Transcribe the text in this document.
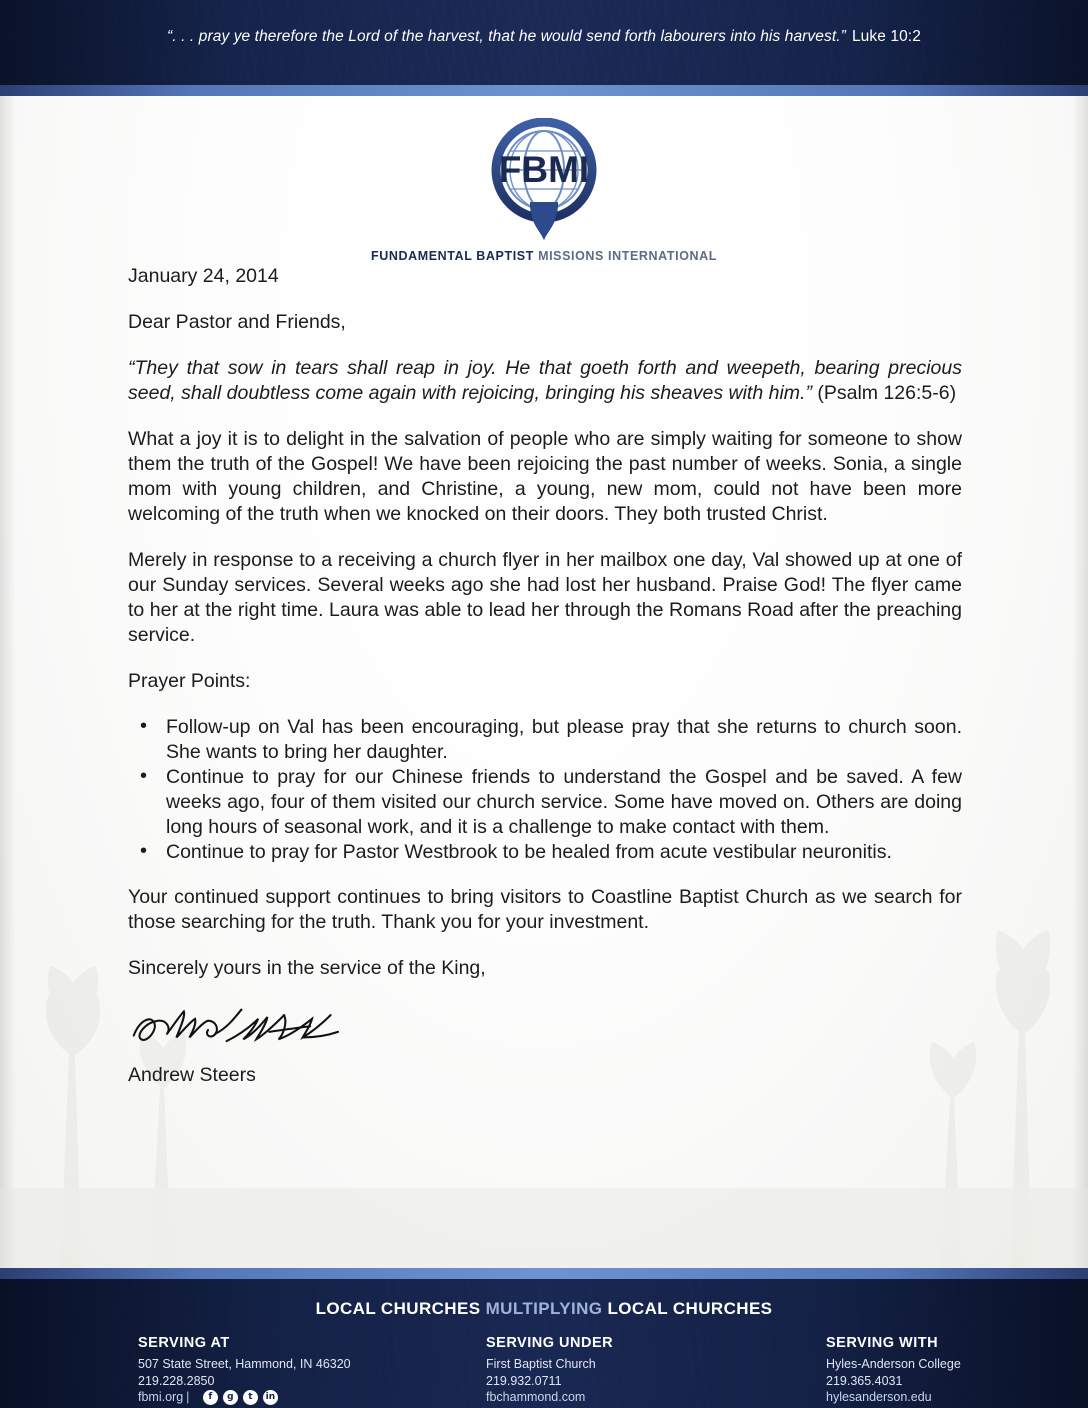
“. . . pray ye therefore the Lord of the harvest, that he would send forth labourers into his harvest.” Luke 10:2
FBMI
FUNDAMENTAL BAPTIST MISSIONS INTERNATIONAL

January 24, 2014

Dear Pastor and Friends,

“They that sow in tears shall reap in joy. He that goeth forth and weepeth, bearing precious seed, shall doubtless come again with rejoicing, bringing his sheaves with him.” (Psalm 126:5-6)

What a joy it is to delight in the salvation of people who are simply waiting for someone to show them the truth of the Gospel! We have been rejoicing the past number of weeks. Sonia, a single mom with young children, and Christine, a young, new mom, could not have been more welcoming of the truth when we knocked on their doors. They both trusted Christ.

Merely in response to a receiving a church flyer in her mailbox one day, Val showed up at one of our Sunday services. Several weeks ago she had lost her husband. Praise God! The flyer came to her at the right time. Laura was able to lead her through the Romans Road after the preaching service.

Prayer Points:

• Follow-up on Val has been encouraging, but please pray that she returns to church soon. She wants to bring her daughter.
• Continue to pray for our Chinese friends to understand the Gospel and be saved. A few weeks ago, four of them visited our church service. Some have moved on. Others are doing long hours of seasonal work, and it is a challenge to make contact with them.
• Continue to pray for Pastor Westbrook to be healed from acute vestibular neuronitis.

Your continued support continues to bring visitors to Coastline Baptist Church as we search for those searching for the truth. Thank you for your investment.

Sincerely yours in the service of the King,

Andrew Steers

LOCAL CHURCHES MULTIPLYING LOCAL CHURCHES
SERVING AT
507 State Street, Hammond, IN 46320
219.228.2850
fbmi.org |	f	g	t	in
SERVING UNDER
First Baptist Church
219.932.0711
fbchammond.com
SERVING WITH
Hyles-Anderson College
219.365.4031
hylesanderson.edu
